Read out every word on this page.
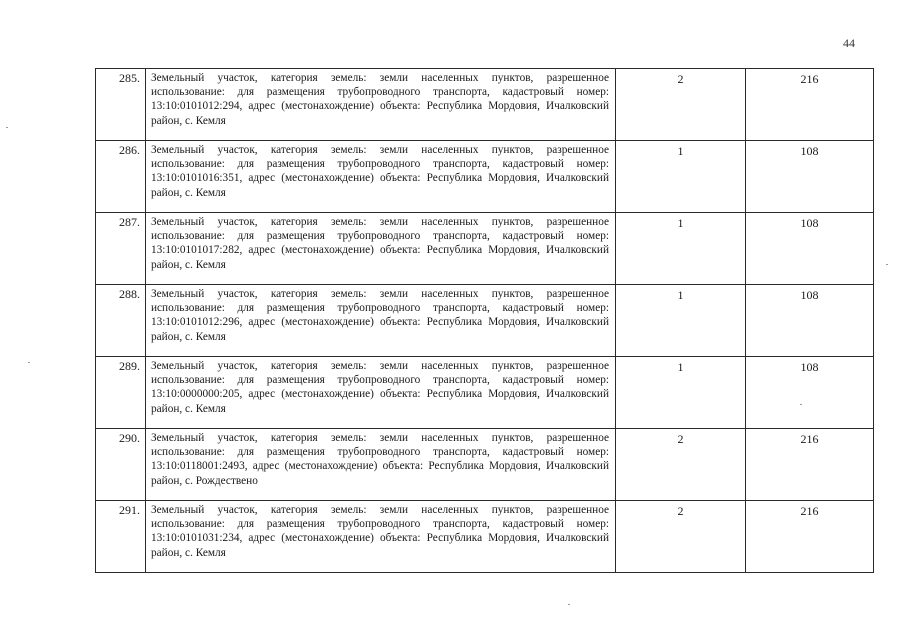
44
285.	Земельный участок, категория земель: земли населенных пунктов, разрешенное использование: для размещения трубопроводного транспорта, кадастровый номер: 13:10:0101012:294, адрес (местонахождение) объекта: Республика Мордовия, Ичалковский район, с. Кемля	2	216
286.	Земельный участок, категория земель: земли населенных пунктов, разрешенное использование: для размещения трубопроводного транспорта, кадастровый номер: 13:10:0101016:351, адрес (местонахождение) объекта: Республика Мордовия, Ичалковский район, с. Кемля	1	108
287.	Земельный участок, категория земель: земли населенных пунктов, разрешенное использование: для размещения трубопроводного транспорта, кадастровый номер: 13:10:0101017:282, адрес (местонахождение) объекта: Республика Мордовия, Ичалковский район, с. Кемля	1	108
288.	Земельный участок, категория земель: земли населенных пунктов, разрешенное использование: для размещения трубопроводного транспорта, кадастровый номер: 13:10:0101012:296, адрес (местонахождение) объекта: Республика Мордовия, Ичалковский район, с. Кемля	1	108
289.	Земельный участок, категория земель: земли населенных пунктов, разрешенное использование: для размещения трубопроводного транспорта, кадастровый номер: 13:10:0000000:205, адрес (местонахождение) объекта: Республика Мордовия, Ичалковский район, с. Кемля	1	108
290.	Земельный участок, категория земель: земли населенных пунктов, разрешенное использование: для размещения трубопроводного транспорта, кадастровый номер: 13:10:0118001:2493, адрес (местонахождение) объекта: Республика Мордовия, Ичалковский район, с. Рождествено	2	216
291.	Земельный участок, категория земель: земли населенных пунктов, разрешенное использование: для размещения трубопроводного транспорта, кадастровый номер: 13:10:0101031:234, адрес (местонахождение) объекта: Республика Мордовия, Ичалковский район, с. Кемля	2	216
